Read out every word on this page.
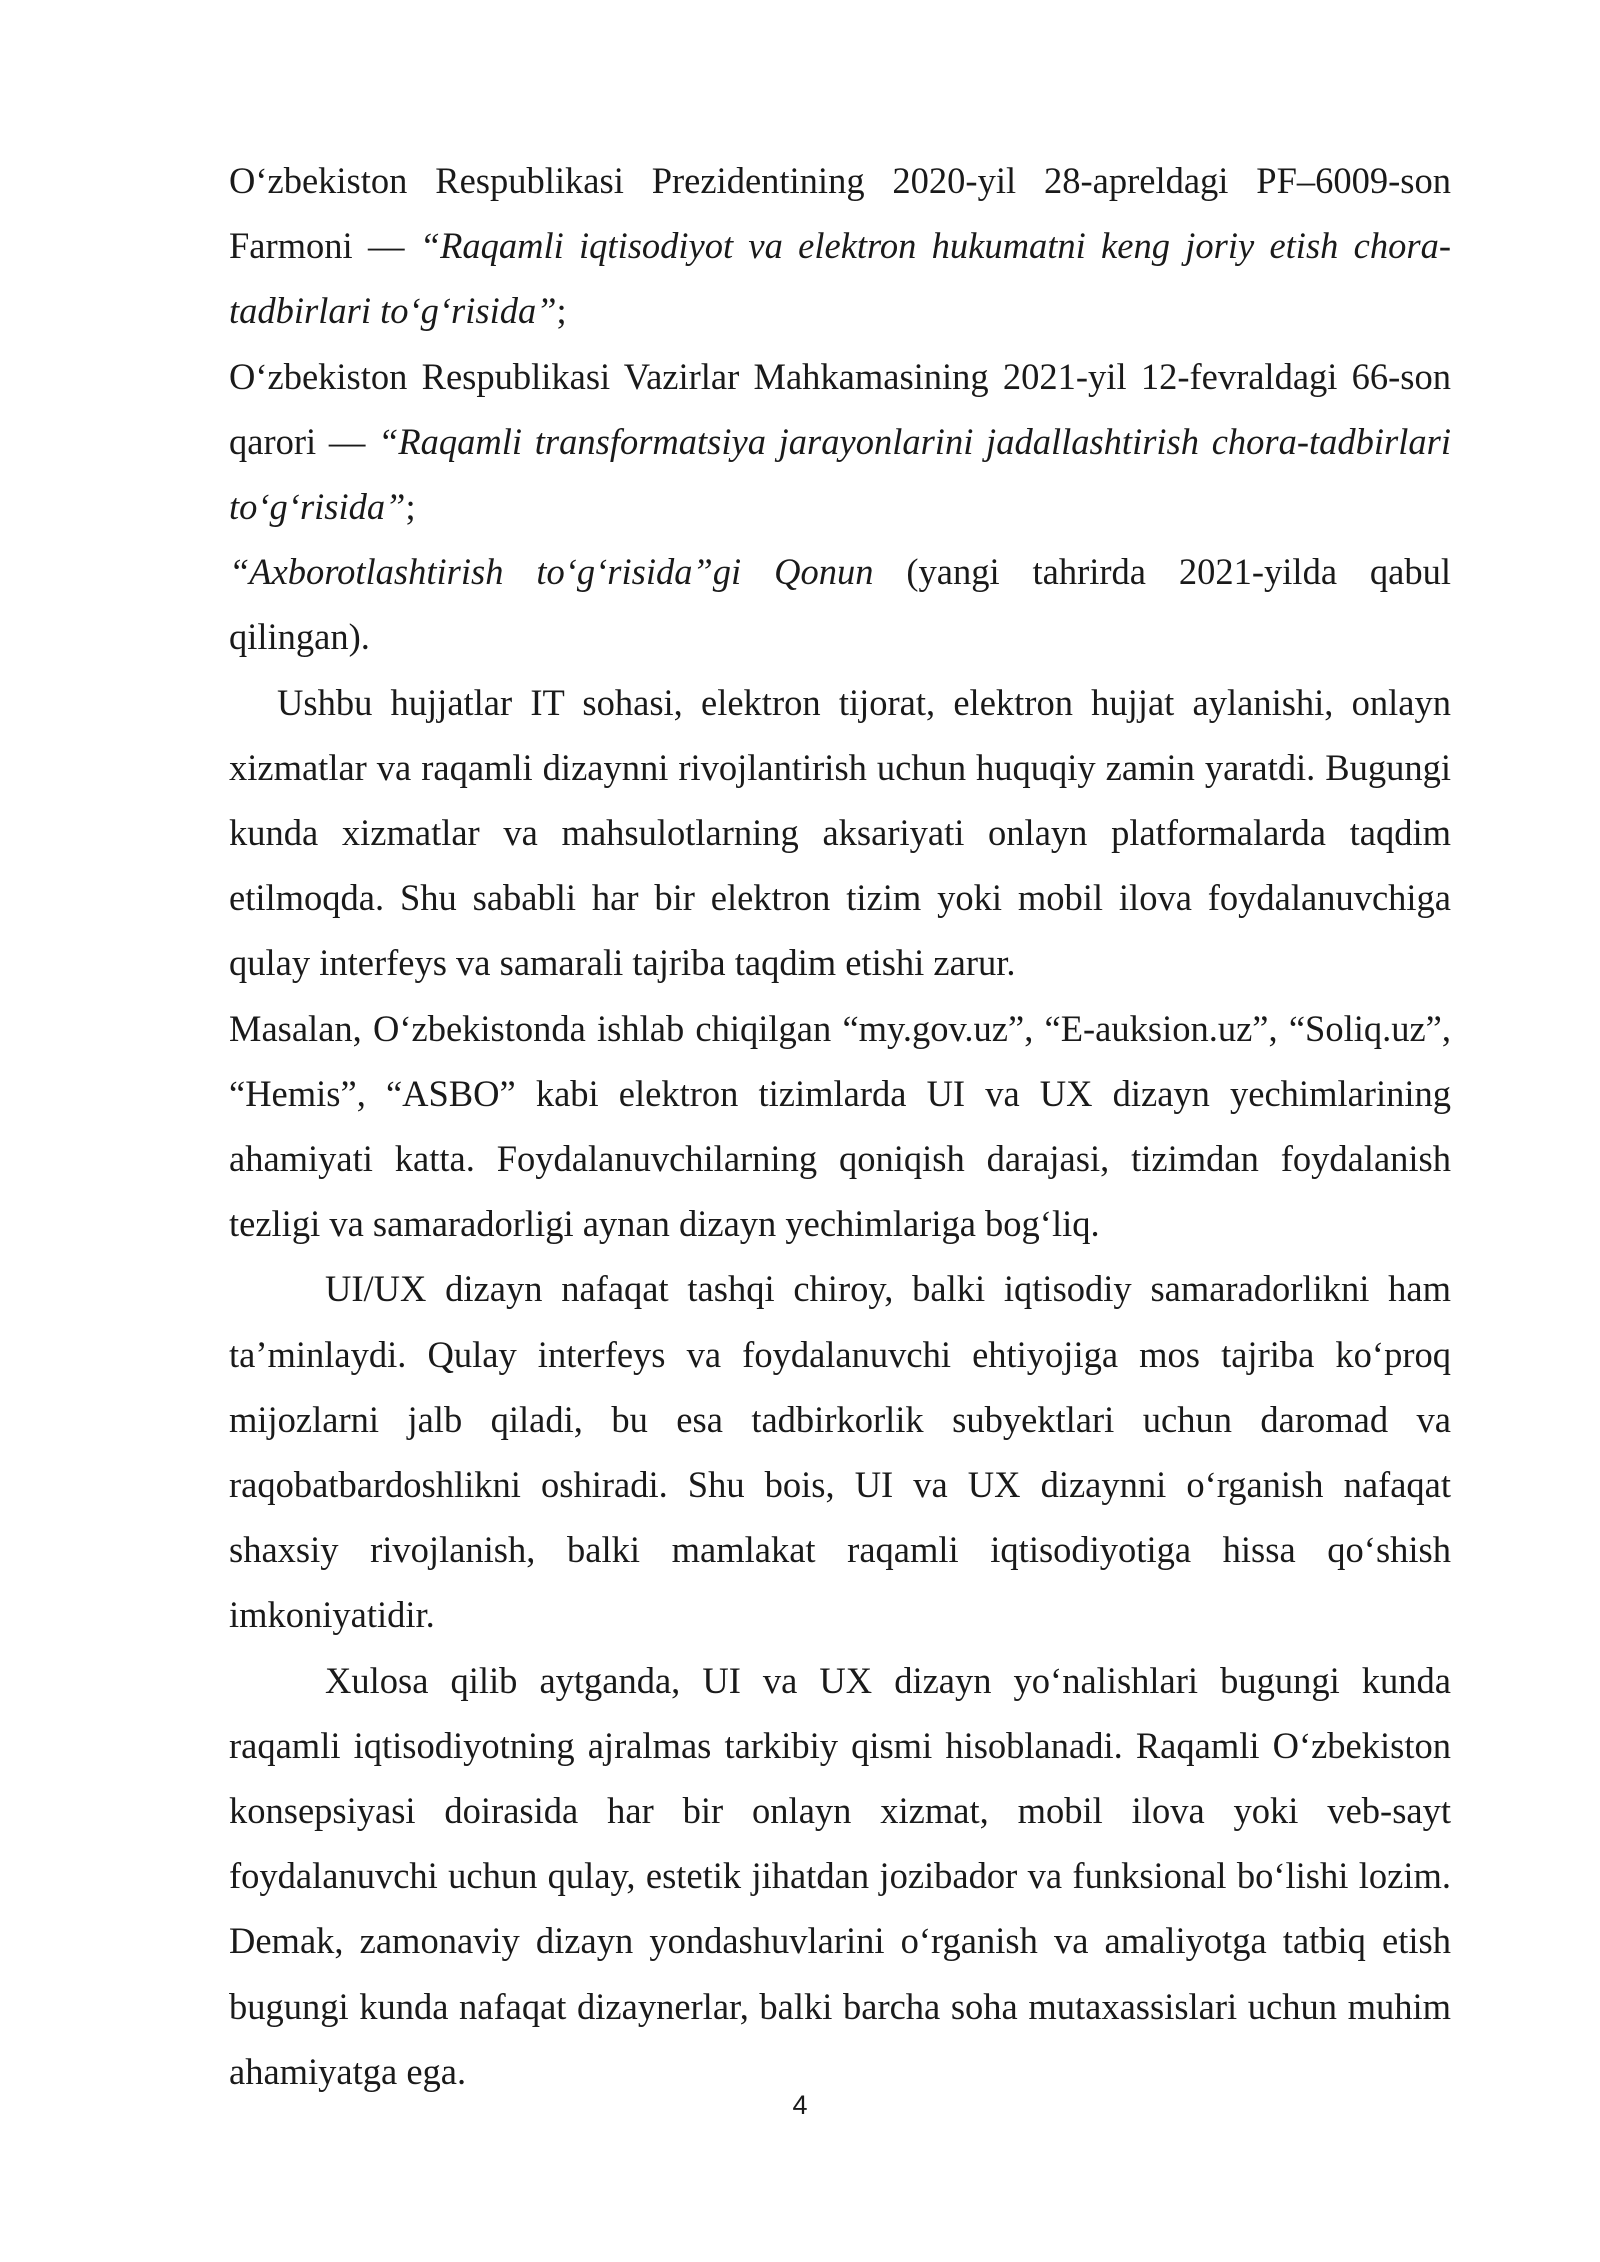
O‘zbekiston Respublikasi Prezidentining 2020-yil 28-apreldagi PF–6009-son Farmoni — “Raqamli iqtisodiyot va elektron hukumatni keng joriy etish chora-tadbirlari to‘g‘risida”;

O‘zbekiston Respublikasi Vazirlar Mahkamasining 2021-yil 12-fevraldagi 66-son qarori — “Raqamli transformatsiya jarayonlarini jadallashtirish chora-tadbirlari to‘g‘risida”;

“Axborotlashtirish to‘g‘risida”gi Qonun (yangi tahrirda 2021-yilda qabul qilingan).

Ushbu hujjatlar IT sohasi, elektron tijorat, elektron hujjat aylanishi, onlayn xizmatlar va raqamli dizaynni rivojlantirish uchun huquqiy zamin yaratdi. Bugungi kunda xizmatlar va mahsulotlarning aksariyati onlayn platformalarda taqdim etilmoqda. Shu sababli har bir elektron tizim yoki mobil ilova foydalanuvchiga qulay interfeys va samarali tajriba taqdim etishi zarur.

Masalan, O‘zbekistonda ishlab chiqilgan “my.gov.uz”, “E-auksion.uz”, “Soliq.uz”, “Hemis”, “ASBO” kabi elektron tizimlarda UI va UX dizayn yechimlarining ahamiyati katta. Foydalanuvchilarning qoniqish darajasi, tizimdan foydalanish tezligi va samaradorligi aynan dizayn yechimlariga bog‘liq.

UI/UX dizayn nafaqat tashqi chiroy, balki iqtisodiy samaradorlikni ham ta’minlaydi. Qulay interfeys va foydalanuvchi ehtiyojiga mos tajriba ko‘proq mijozlarni jalb qiladi, bu esa tadbirkorlik subyektlari uchun daromad va raqobatbardoshlikni oshiradi. Shu bois, UI va UX dizaynni o‘rganish nafaqat shaxsiy rivojlanish, balki mamlakat raqamli iqtisodiyotiga hissa qo‘shish imkoniyatidir.

Xulosa qilib aytganda, UI va UX dizayn yo‘nalishlari bugungi kunda raqamli iqtisodiyotning ajralmas tarkibiy qismi hisoblanadi. Raqamli O‘zbekiston konsepsiyasi doirasida har bir onlayn xizmat, mobil ilova yoki veb-sayt foydalanuvchi uchun qulay, estetik jihatdan jozibador va funksional bo‘lishi lozim. Demak, zamonaviy dizayn yondashuvlarini o‘rganish va amaliyotga tatbiq etish bugungi kunda nafaqat dizaynerlar, balki barcha soha mutaxassislari uchun muhim ahamiyatga ega.

4
